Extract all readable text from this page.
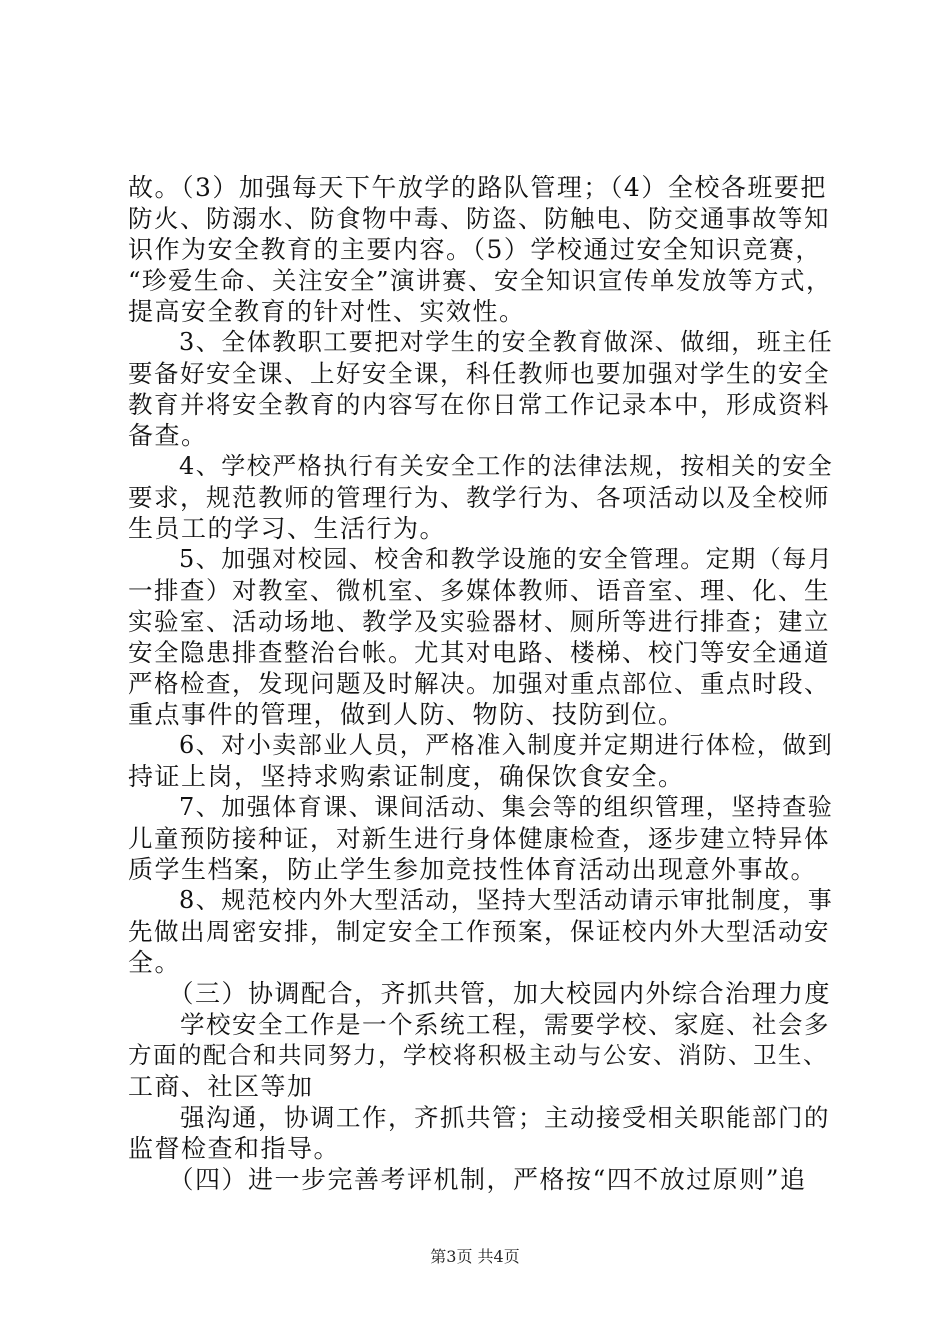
故。（3）加强每天下午放学的路队管理；（4）全校各班要把
防火、防溺水、防食物中毒、防盗、防触电、防交通事故等知
识作为安全教育的主要内容。（5）学校通过安全知识竞赛，
“珍爱生命、关注安全”演讲赛、安全知识宣传单发放等方式，
提高安全教育的针对性、实效性。
　　3、全体教职工要把对学生的安全教育做深、做细，班主任
要备好安全课、上好安全课，科任教师也要加强对学生的安全
教育并将安全教育的内容写在你日常工作记录本中，形成资料
备查。
　　4、学校严格执行有关安全工作的法律法规，按相关的安全
要求，规范教师的管理行为、教学行为、各项活动以及全校师
生员工的学习、生活行为。
　　5、加强对校园、校舍和教学设施的安全管理。定期（每月
一排查）对教室、微机室、多媒体教师、语音室、理、化、生
实验室、活动场地、教学及实验器材、厕所等进行排查；建立
安全隐患排查整治台帐。尤其对电路、楼梯、校门等安全通道
严格检查，发现问题及时解决。加强对重点部位、重点时段、
重点事件的管理，做到人防、物防、技防到位。
　　6、对小卖部业人员，严格准入制度并定期进行体检，做到
持证上岗，坚持求购索证制度，确保饮食安全。
　　7、加强体育课、课间活动、集会等的组织管理，坚持查验
儿童预防接种证，对新生进行身体健康检查，逐步建立特异体
质学生档案，防止学生参加竞技性体育活动出现意外事故。
　　8、规范校内外大型活动，坚持大型活动请示审批制度，事
先做出周密安排，制定安全工作预案，保证校内外大型活动安
全。
　　（三）协调配合，齐抓共管，加大校园内外综合治理力度
　　学校安全工作是一个系统工程，需要学校、家庭、社会多
方面的配合和共同努力，学校将积极主动与公安、消防、卫生、
工商、社区等加
　　强沟通，协调工作，齐抓共管；主动接受相关职能部门的
监督检查和指导。
　　（四）进一步完善考评机制，严格按“四不放过原则”追
第3页 共4页
